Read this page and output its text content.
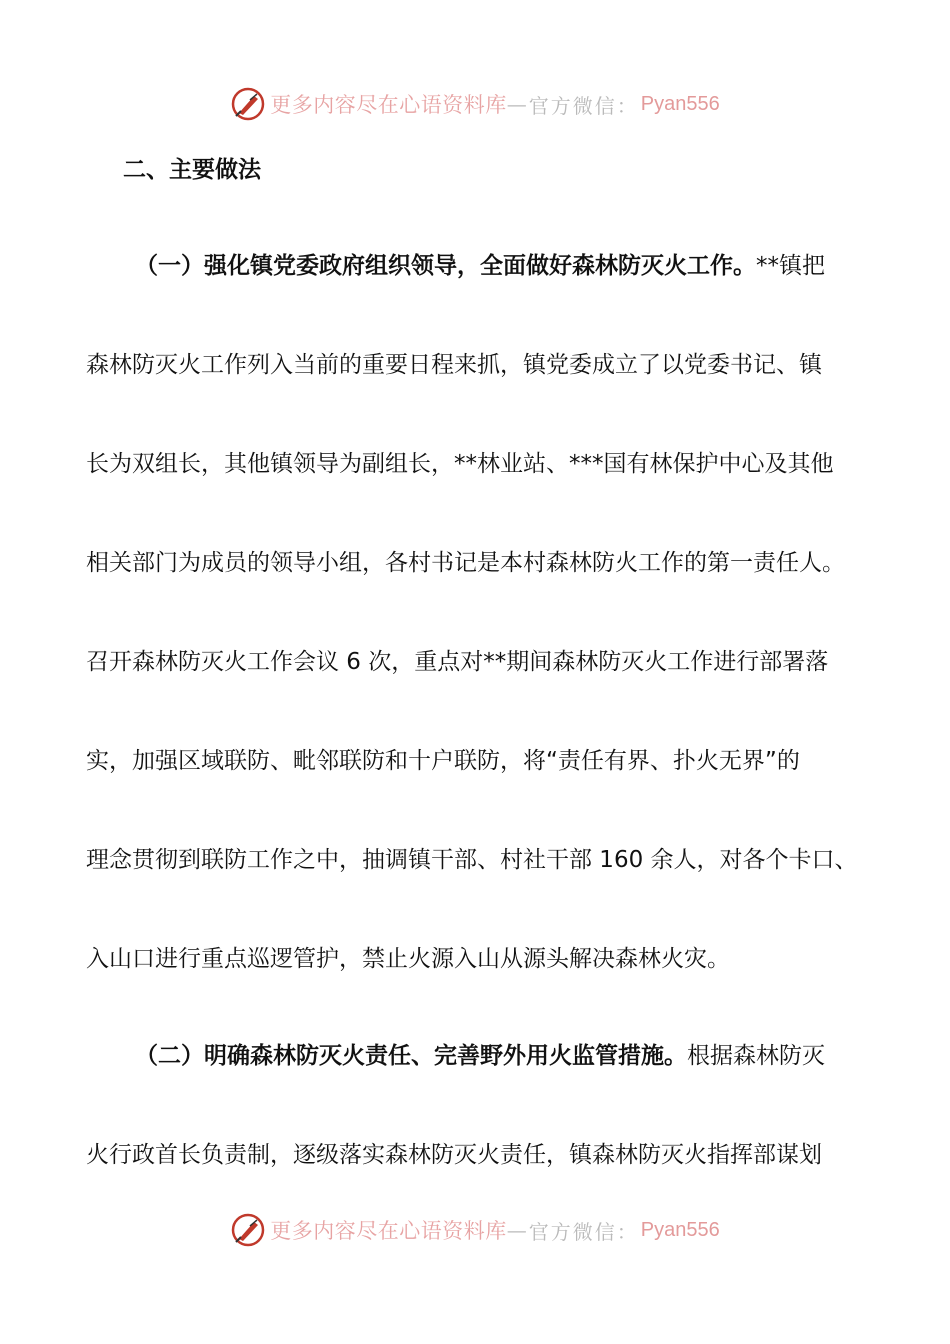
更多内容尽在心语资料库 — 官方微信： Pyan556
二、主要做法
（一）强化镇党委政府组织领导，全面做好森林防灭火工作。**镇把
森林防灭火工作列入当前的重要日程来抓，镇党委成立了以党委书记、镇
长为双组长，其他镇领导为副组长，**林业站、***国有林保护中心及其他
相关部门为成员的领导小组，各村书记是本村森林防火工作的第一责任人。
召开森林防灭火工作会议 6 次，重点对**期间森林防灭火工作进行部署落
实，加强区域联防、毗邻联防和十户联防，将“责任有界、扑火无界”的
理念贯彻到联防工作之中，抽调镇干部、村社干部 160 余人，对各个卡口、
入山口进行重点巡逻管护，禁止火源入山从源头解决森林火灾。
（二）明确森林防灭火责任、完善野外用火监管措施。根据森林防灭
火行政首长负责制，逐级落实森林防灭火责任，镇森林防灭火指挥部谋划
更多内容尽在心语资料库 — 官方微信： Pyan556
